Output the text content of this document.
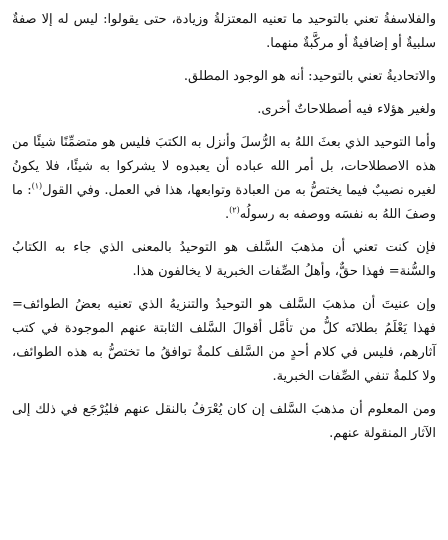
والفلاسفةُ تعني بالتوحيد ما تعنيه المعتزلةُ وزيادة، حتى يقولوا: ليس له إلا صفةٌ سلبيةٌ أو إضافيةٌ أو مركَّبةٌ منهما.

والاتحاديةُ تعني بالتوحيد: أنه هو الوجود المطلق.

ولغير هؤلاء فيه أصطلاحاتٌ أخرى.

وأما التوحيد الذي بعثَ اللهُ به الرُّسلَ وأنزل به الكتبَ فليس هو متضمِّنًا شيئًا من هذه الاصطلاحات، بل أمر الله عباده أن يعبدوه لا يشركوا به شيئًا، فلا يكونُ لغيره نصيبٌ فيما يختصُّ به من العبادة وتوابعها، هذا في العمل. وفي القول$^{(١)}$: ما وصفَ اللهُ به نفسَه ووصفه به رسولُه$^{(٢)}$.

فإن كنت تعني أن مذهبَ السَّلف هو التوحيدُ بالمعنى الذي جاء به الكتابُ والسُّنة= فهذا حقٌّ، وأهلُ الصِّفات الخبرية لا يخالفون هذا.

وإن عنيتَ أن مذهبَ السَّلف هو التوحيدُ والتنزيهُ الذي تعنيه بعضُ الطوائف= فهذا يَعْلَمُ بطلانَه كلُّ من تأمَّل أقوالَ السَّلف الثابتة عنهم الموجودة في كتب آثارهم، فليس في كلام أحدٍ من السَّلف كلمةٌ توافقُ ما تختصُّ به هذه الطوائف، ولا كلمةٌ تنفي الصِّفات الخبرية.

ومن المعلوم أن مذهبَ السَّلف إن كان يُعْرَفُ بالنقل عنهم فليُرْجَع في ذلك إلى الآثار المنقولة عنهم.
